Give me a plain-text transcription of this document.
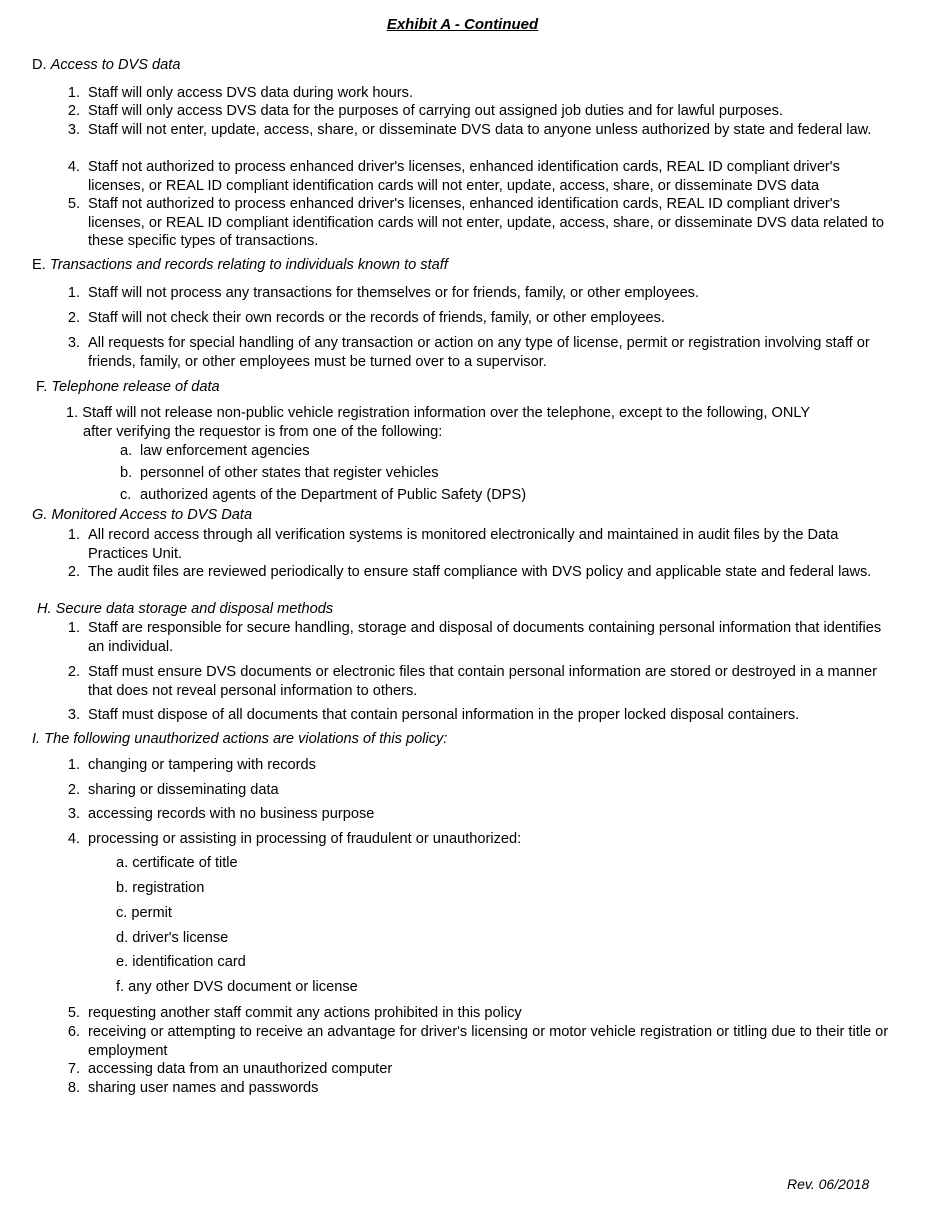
Exhibit A - Continued
D. Access to DVS data
1. Staff will only access DVS data during work hours.
2. Staff will only access DVS data for the purposes of carrying out assigned job duties and for lawful purposes.
3. Staff will not enter, update, access, share, or disseminate DVS data to anyone unless authorized by state and federal law.
4. Staff not authorized to process enhanced driver's licenses, enhanced identification cards, REAL ID compliant driver's licenses, or REAL ID compliant identification cards will not enter, update, access, share, or disseminate DVS data
5. Staff not authorized to process enhanced driver's licenses, enhanced identification cards, REAL ID compliant driver's licenses, or REAL ID compliant identification cards will not enter, update, access, share, or disseminate DVS data related to these specific types of transactions.
E. Transactions and records relating to individuals known to staff
1. Staff will not process any transactions for themselves or for friends, family, or other employees.
2. Staff will not check their own records or the records of friends, family, or other employees.
3. All requests for special handling of any transaction or action on any type of license, permit or registration involving staff or friends, family, or other employees must be turned over to a supervisor.
F. Telephone release of data
1. Staff will not release non-public vehicle registration information over the telephone, except to the following, ONLY
after verifying the requestor is from one of the following:
a. law enforcement agencies
b. personnel of other states that register vehicles
c. authorized agents of the Department of Public Safety (DPS)
G. Monitored Access to DVS Data
1. All record access through all verification systems is monitored electronically and maintained in audit files by the Data Practices Unit.
2. The audit files are reviewed periodically to ensure staff compliance with DVS policy and applicable state and federal laws.
H. Secure data storage and disposal methods
1. Staff are responsible for secure handling, storage and disposal of documents containing personal information that identifies an individual.
2. Staff must ensure DVS documents or electronic files that contain personal information are stored or destroyed in a manner that does not reveal personal information to others.
3. Staff must dispose of all documents that contain personal information in the proper locked disposal containers.
I. The following unauthorized actions are violations of this policy:
1. changing or tampering with records
2. sharing or disseminating data
3. accessing records with no business purpose
4. processing or assisting in processing of fraudulent or unauthorized:
a. certificate of title
b. registration
c. permit
d. driver's license
e. identification card
f. any other DVS document or license
5. requesting another staff commit any actions prohibited in this policy
6. receiving or attempting to receive an advantage for driver's licensing or motor vehicle registration or titling due to their title or employment
7. accessing data from an unauthorized computer
8. sharing user names and passwords
Rev. 06/2018
